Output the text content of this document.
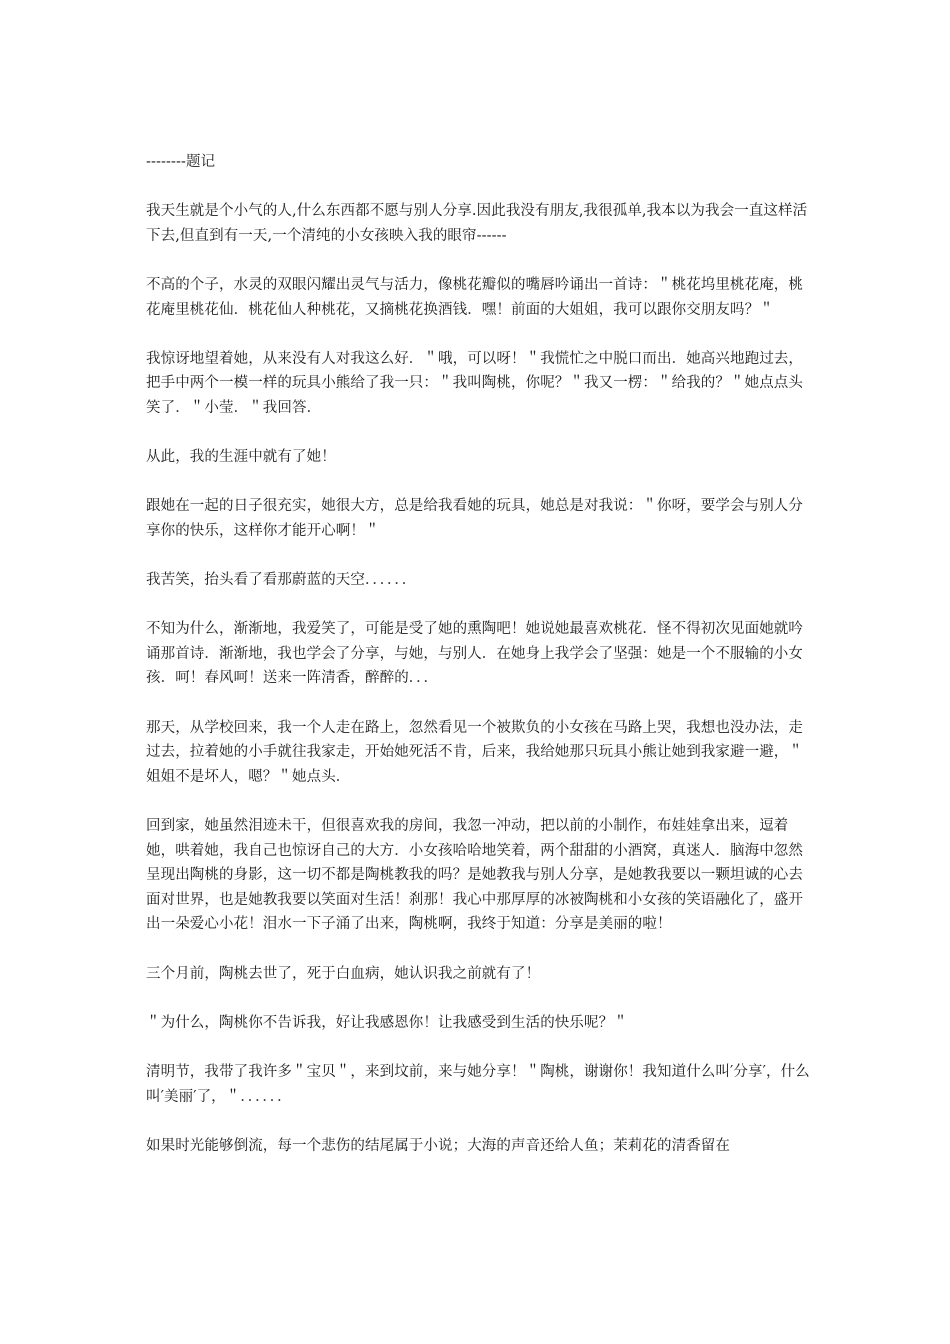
--------题记

我天生就是个小气的人,什么东西都不愿与别人分享.因此我没有朋友,我很孤单,我本以为我会一直这样活下去,但直到有一天,一个清纯的小女孩映入我的眼帘------

不高的个子，水灵的双眼闪耀出灵气与活力，像桃花瓣似的嘴唇吟诵出一首诗：＂桃花坞里桃花庵，桃花庵里桃花仙．桃花仙人种桃花，又摘桃花换酒钱．嘿！前面的大姐姐，我可以跟你交朋友吗？＂

我惊讶地望着她，从来没有人对我这么好．＂哦，可以呀！＂我慌忙之中脱口而出．她高兴地跑过去，把手中两个一模一样的玩具小熊给了我一只：＂我叫陶桃，你呢？＂我又一楞：＂给我的？＂她点点头笑了．＂小莹．＂我回答．

从此，我的生涯中就有了她！

跟她在一起的日子很充实，她很大方，总是给我看她的玩具，她总是对我说：＂你呀，要学会与别人分享你的快乐，这样你才能开心啊！＂

我苦笑，抬头看了看那蔚蓝的天空．．．．．．

不知为什么，渐渐地，我爱笑了，可能是受了她的熏陶吧！她说她最喜欢桃花．怪不得初次见面她就吟诵那首诗．渐渐地，我也学会了分享，与她，与别人．在她身上我学会了坚强：她是一个不服输的小女孩．呵！春风呵！送来一阵清香，醉醉的．．．

那天，从学校回来，我一个人走在路上，忽然看见一个被欺负的小女孩在马路上哭，我想也没办法，走过去，拉着她的小手就往我家走，开始她死活不肯，后来，我给她那只玩具小熊让她到我家避一避，＂姐姐不是坏人，嗯？＂她点头．

回到家，她虽然泪迹未干，但很喜欢我的房间，我忽一冲动，把以前的小制作，布娃娃拿出来，逗着她，哄着她，我自己也惊讶自己的大方．小女孩哈哈地笑着，两个甜甜的小酒窝，真迷人．脑海中忽然呈现出陶桃的身影，这一切不都是陶桃教我的吗？是她教我与别人分享，是她教我要以一颗坦诚的心去面对世界，也是她教我要以笑面对生活！刹那！我心中那厚厚的冰被陶桃和小女孩的笑语融化了，盛开出一朵爱心小花！泪水一下子涌了出来，陶桃啊，我终于知道：分享是美丽的啦！

三个月前，陶桃去世了，死于白血病，她认识我之前就有了！

＂为什么，陶桃你不告诉我，好让我感恩你！让我感受到生活的快乐呢？＂

清明节，我带了我许多＂宝贝＂，来到坟前，来与她分享！＂陶桃，谢谢你！我知道什么叫′分享′，什么叫′美丽′了，＂．．．．．．

如果时光能够倒流，每一个悲伤的结尾属于小说；大海的声音还给人鱼；茉莉花的清香留在
